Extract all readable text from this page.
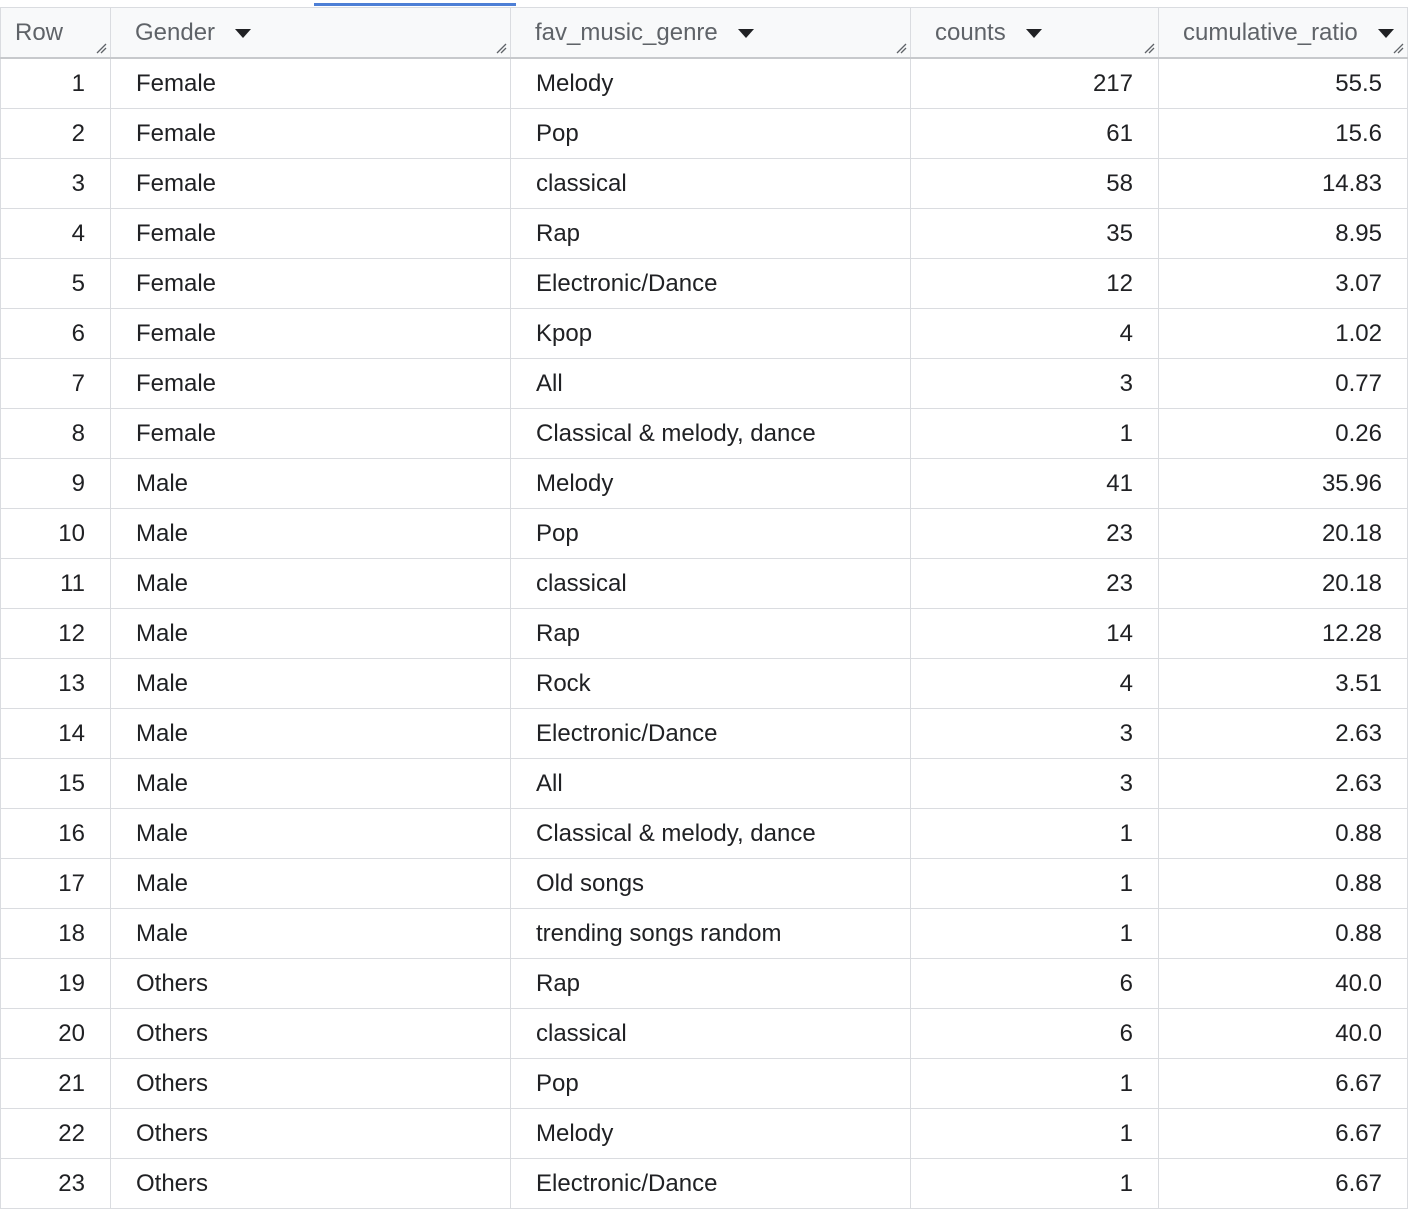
Row	Gender	fav_music_genre	counts	cumulative_ratio

1	Female	Melody	217	55.5
2	Female	Pop	61	15.6
3	Female	classical	58	14.83
4	Female	Rap	35	8.95
5	Female	Electronic/Dance	12	3.07
6	Female	Kpop	4	1.02
7	Female	All	3	0.77
8	Female	Classical & melody, dance	1	0.26
9	Male	Melody	41	35.96
10	Male	Pop	23	20.18
11	Male	classical	23	20.18
12	Male	Rap	14	12.28
13	Male	Rock	4	3.51
14	Male	Electronic/Dance	3	2.63
15	Male	All	3	2.63
16	Male	Classical & melody, dance	1	0.88
17	Male	Old songs	1	0.88
18	Male	trending songs random	1	0.88
19	Others	Rap	6	40.0
20	Others	classical	6	40.0
21	Others	Pop	1	6.67
22	Others	Melody	1	6.67
23	Others	Electronic/Dance	1	6.67
